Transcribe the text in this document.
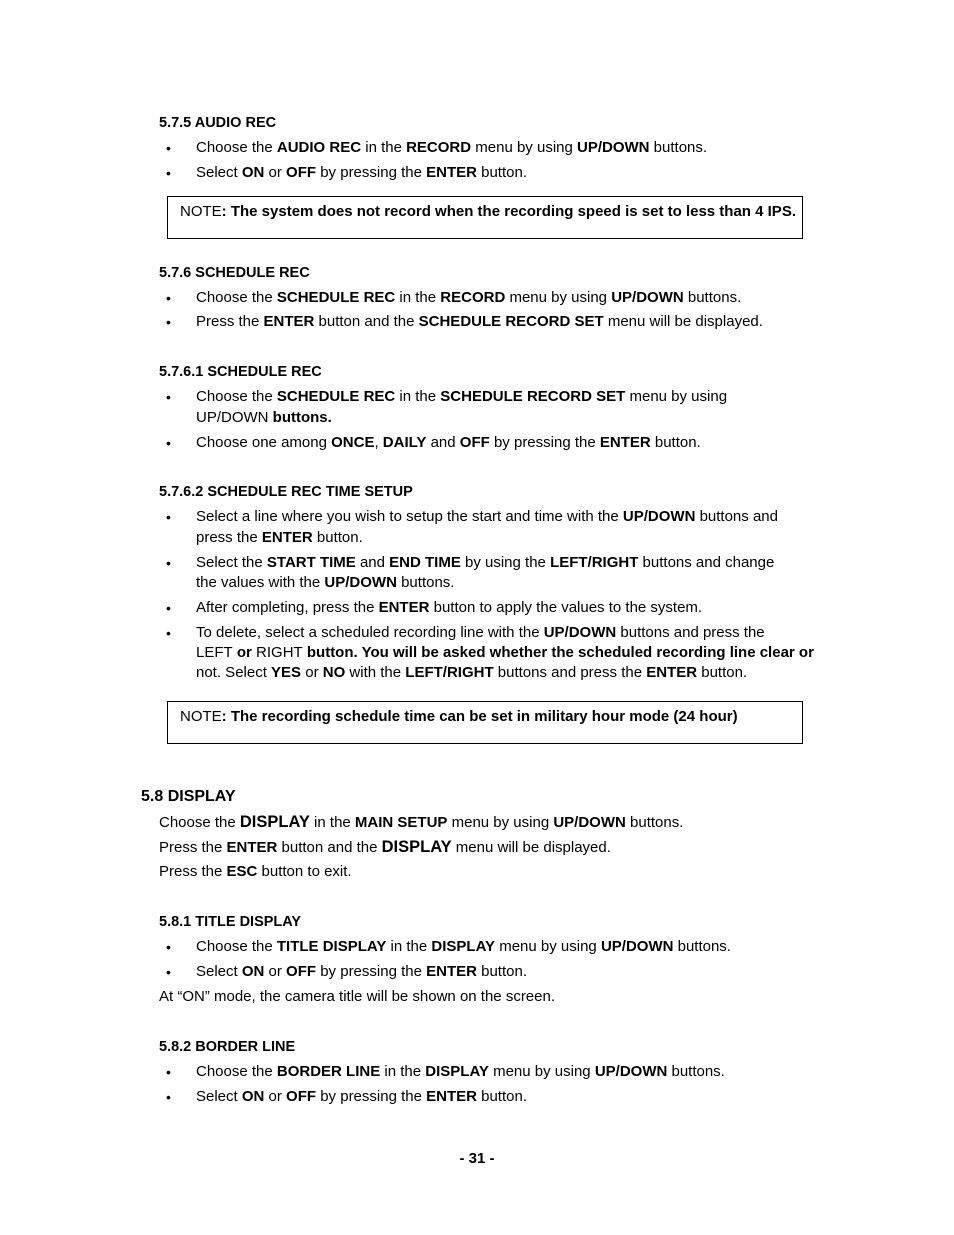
5.7.5 AUDIO REC
• Choose the AUDIO REC in the RECORD menu by using UP/DOWN buttons.
• Select ON or OFF by pressing the ENTER button.
NOTE: The system does not record when the recording speed is set to less than 4 IPS.
5.7.6 SCHEDULE REC
• Choose the SCHEDULE REC in the RECORD menu by using UP/DOWN buttons.
• Press the ENTER button and the SCHEDULE RECORD SET menu will be displayed.
5.7.6.1 SCHEDULE REC
• Choose the SCHEDULE REC in the SCHEDULE RECORD SET menu by using
UP/DOWN buttons.
• Choose one among ONCE, DAILY and OFF by pressing the ENTER button.
5.7.6.2 SCHEDULE REC TIME SETUP
• Select a line where you wish to setup the start and time with the UP/DOWN buttons and
press the ENTER button.
• Select the START TIME and END TIME by using the LEFT/RIGHT buttons and change
the values with the UP/DOWN buttons.
• After completing, press the ENTER button to apply the values to the system.
• To delete, select a scheduled recording line with the UP/DOWN buttons and press the
LEFT or RIGHT button. You will be asked whether the scheduled recording line clear or
not. Select YES or NO with the LEFT/RIGHT buttons and press the ENTER button.
NOTE: The recording schedule time can be set in military hour mode (24 hour)
5.8 DISPLAY
Choose the DISPLAY in the MAIN SETUP menu by using UP/DOWN buttons.
Press the ENTER button and the DISPLAY menu will be displayed.
Press the ESC button to exit.
5.8.1 TITLE DISPLAY
• Choose the TITLE DISPLAY in the DISPLAY menu by using UP/DOWN buttons.
• Select ON or OFF by pressing the ENTER button.
At “ON” mode, the camera title will be shown on the screen.
5.8.2 BORDER LINE
• Choose the BORDER LINE in the DISPLAY menu by using UP/DOWN buttons.
• Select ON or OFF by pressing the ENTER button.
- 31 -
